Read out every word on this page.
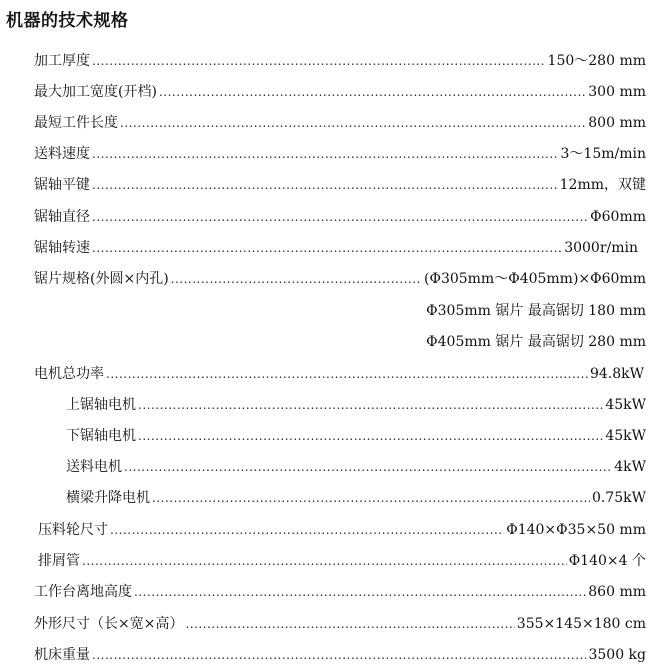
机器的技术规格
加工厚度 .....	150～280 mm
最大加工宽度(开档) .....	300 mm
最短工件长度 .....	800 mm
送料速度 .....	3～15m/min
锯轴平键 .....	12mm，双键
锯轴直径 .....	Φ60mm
锯轴转速 .....	3000r/min
锯片规格(外圆×内孔) .....	(Φ305mm～Φ405mm)×Φ60mm
Φ305mm 锯片 最高锯切 180 mm
Φ405mm 锯片 最高锯切 280 mm
电机总功率 .....	94.8kW
上锯轴电机 .....	45kW
下锯轴电机 .....	45kW
送料电机 .....	4kW
横梁升降电机 .....	0.75kW
压料轮尺寸 .....	Φ140×Φ35×50 mm
排屑管 .....	Φ140×4 个
工作台离地高度 .....	860 mm
外形尺寸（长×宽×高） .....	355×145×180 cm
机床重量 .....	3500 kg
